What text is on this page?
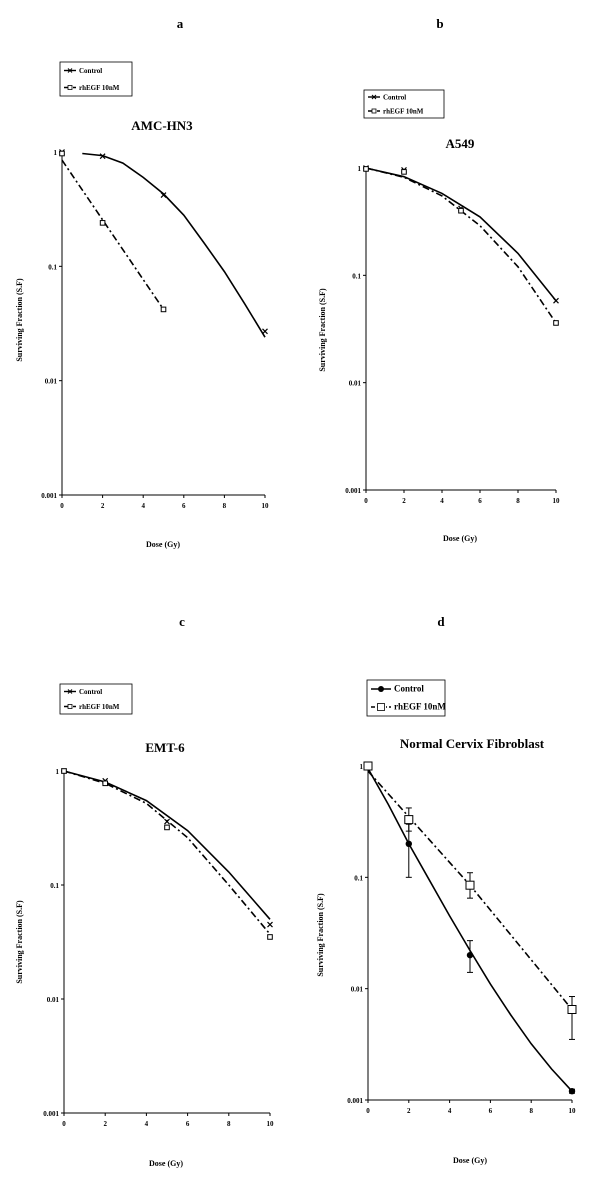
a
AMC-HN3
0	2	4	6	8	10
1
0.1
0.01
0.001
Dose (Gy)
Surviving Fraction (S.F)
Control
rhEGF 10nM
b
A549
0	2	4	6	8	10
1
0.1
0.01
0.001
Dose (Gy)
Surviving Fraction (S.F)
Control
rhEGF 10nM
c
EMT-6
0	2	4	6	8	10
1
0.1
0.01
0.001
Dose (Gy)
Surviving Fraction (S.F)
Control
rhEGF 10nM
d
Normal Cervix Fibroblast
0	2	4	6	8	10
1
0.1
0.01
0.001
Dose (Gy)
Surviving Fraction (S.F)
Control
rhEGF 10nM
